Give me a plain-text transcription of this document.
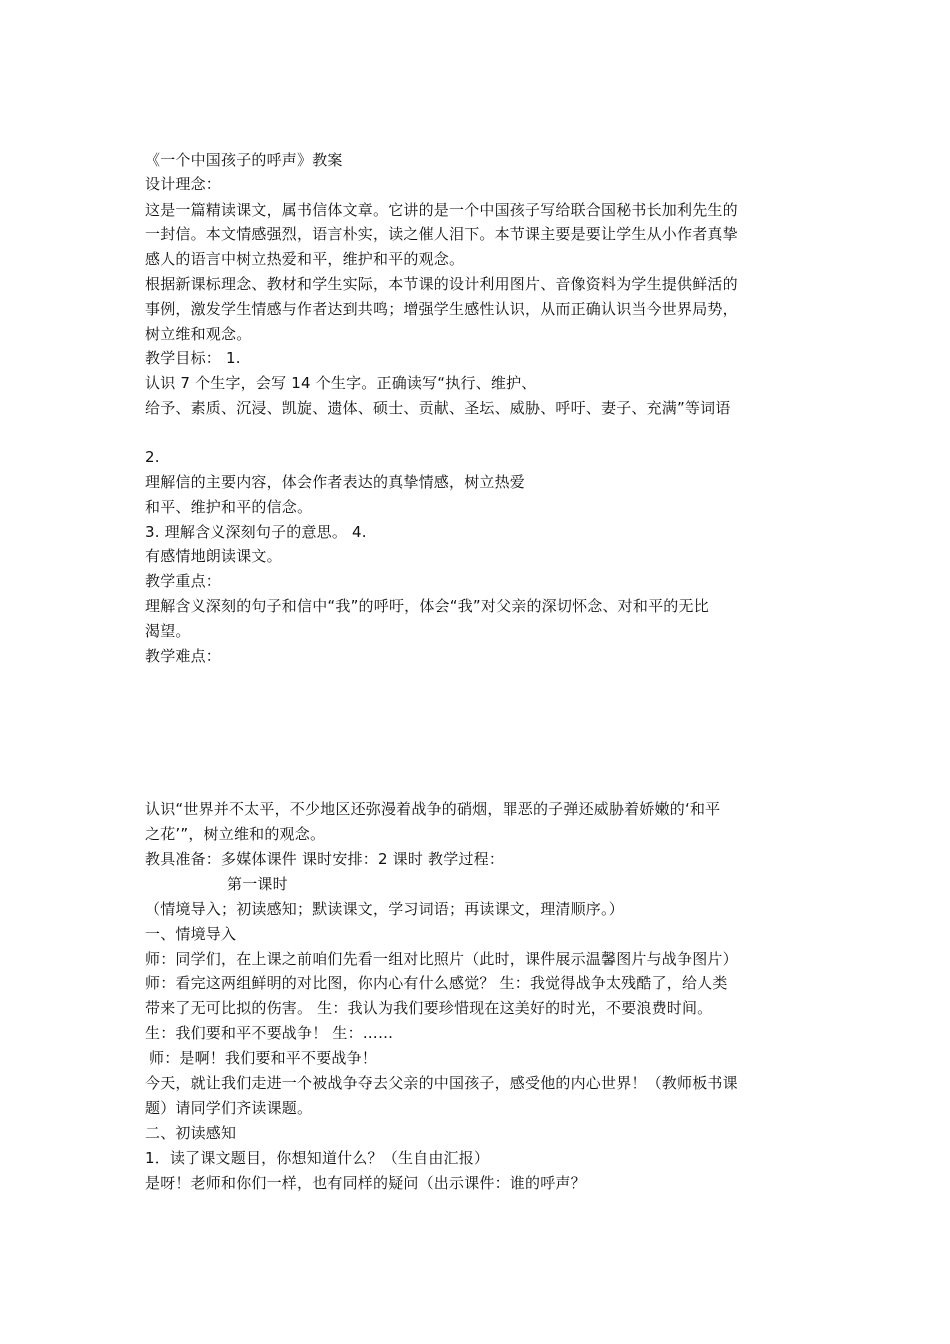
《一个中国孩子的呼声》教案
设计理念：
这是一篇精读课文，属书信体文章。它讲的是一个中国孩子写给联合国秘书长加利先生的
一封信。本文情感强烈，语言朴实，读之催人泪下。本节课主要是要让学生从小作者真挚
感人的语言中树立热爱和平，维护和平的观念。
根据新课标理念、教材和学生实际，本节课的设计利用图片、音像资料为学生提供鲜活的
事例，激发学生情感与作者达到共鸣；增强学生感性认识，从而正确认识当今世界局势，
树立维和观念。
教学目标： 1.
认识 7 个生字，会写 14 个生字。正确读写“执行、维护、
给予、素质、沉浸、凯旋、遗体、硕士、贡献、圣坛、威胁、呼吁、妻子、充满”等词语
2.
理解信的主要内容，体会作者表达的真挚情感，树立热爱
和平、维护和平的信念。
3. 理解含义深刻句子的意思。 4.
有感情地朗读课文。
教学重点：
理解含义深刻的句子和信中“我”的呼吁，体会“我”对父亲的深切怀念、对和平的无比
渴望。
教学难点：
认识“世界并不太平，不少地区还弥漫着战争的硝烟，罪恶的子弹还威胁着娇嫩的‘和平
之花’”，树立维和的观念。
教具准备：多媒体课件 课时安排：2 课时 教学过程：
第一课时
（情境导入；初读感知；默读课文，学习词语；再读课文，理清顺序。）
一、情境导入
师：同学们，在上课之前咱们先看一组对比照片（此时，课件展示温馨图片与战争图片）
师：看完这两组鲜明的对比图，你内心有什么感觉？ 生：我觉得战争太残酷了，给人类
带来了无可比拟的伤害。 生：我认为我们要珍惜现在这美好的时光，不要浪费时间。
生：我们要和平不要战争！ 生：……
师：是啊！我们要和平不要战争！
今天，就让我们走进一个被战争夺去父亲的中国孩子，感受他的内心世界！（教师板书课
题）请同学们齐读课题。
二、初读感知
1．读了课文题目，你想知道什么？（生自由汇报）
是呀！老师和你们一样，也有同样的疑问（出示课件：谁的呼声？
